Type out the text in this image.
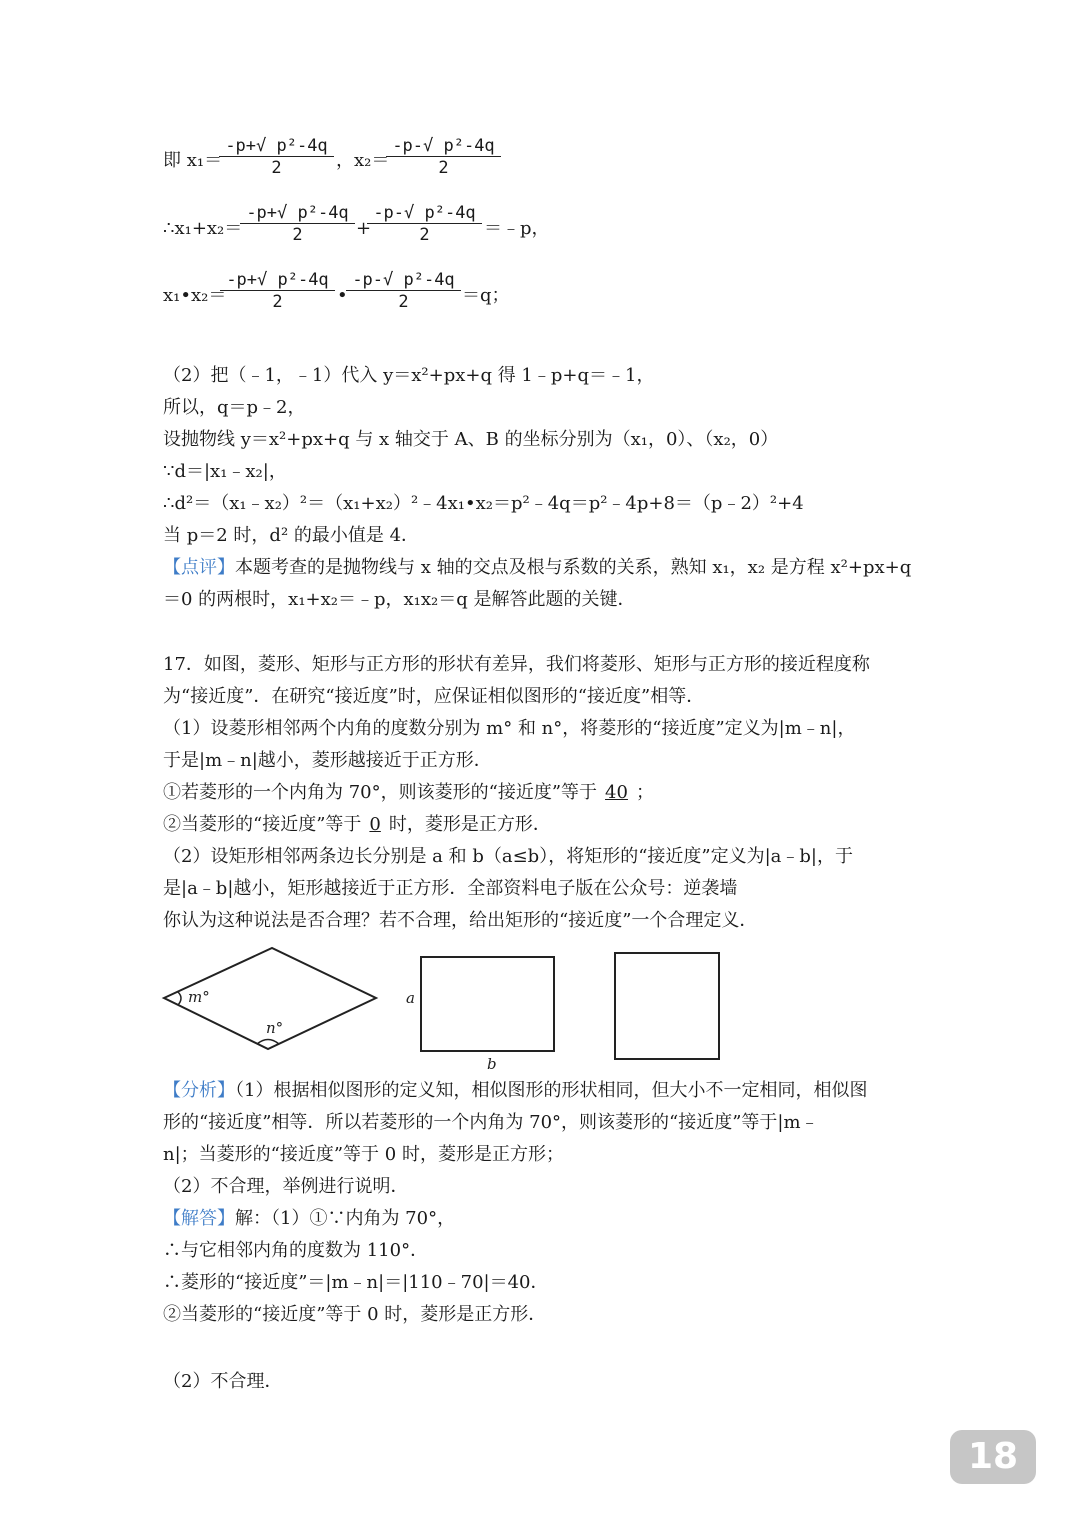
即 x₁＝
$\frac{\text{-p+√ p²-4q}}{2}$ ，x₂＝
$\frac{\text{-p-√ p²-4q}}{2}$
∴x₁+x₂＝
$\frac{\text{-p+√ p²-4q}}{2}$ +
$\frac{\text{-p-√ p²-4q}}{2}$ ＝﹣p，
x₁•x₂＝
$\frac{\text{-p+√ p²-4q}}{2}$ •
$\frac{\text{-p-√ p²-4q}}{2} =q$；
（2）把（﹣1，﹣1）代入 y＝x²+px+q 得 1﹣p+q＝﹣1，
所以，q＝p﹣2，
设抛物线 y＝x²+px+q 与 x 轴交于 A、B 的坐标分别为（x₁，0）、（x₂，0）
∵d＝|x₁﹣x₂|，
∴d²＝（x₁﹣x₂）²＝（x₁+x₂）²﹣4x₁•x₂＝p²﹣4q＝p²﹣4p+8＝（p﹣2）²+4
当 p＝2 时，d² 的最小值是 4．
【点评】本题考查的是抛物线与 x 轴的交点及根与系数的关系，熟知 x₁，x₂ 是方程 x²+px+q
＝0 的两根时，x₁+x₂＝﹣p，x₁x₂＝q 是解答此题的关键．
17．如图，菱形、矩形与正方形的形状有差异，我们将菱形、矩形与正方形的接近程度称
为“接近度”．在研究“接近度”时，应保证相似图形的“接近度”相等．
（1）设菱形相邻两个内角的度数分别为 m° 和 n°，将菱形的“接近度”定义为|m﹣n|，
于是|m﹣n|越小，菱形越接近于正方形．
①若菱形的一个内角为 70°，则该菱形的“接近度”等于 40 ；
②当菱形的“接近度”等于 0 时，菱形是正方形．
（2）设矩形相邻两条边长分别是 a 和 b（a≤b），将矩形的“接近度”定义为|a﹣b|，于
是|a﹣b|越小，矩形越接近于正方形．全部资料电子版在公众号：逆袭墙
你认为这种说法是否合理？若不合理，给出矩形的“接近度”一个合理定义．
m°
n°
a
b
【分析】（1）根据相似图形的定义知，相似图形的形状相同，但大小不一定相同，相似图
形的“接近度”相等．所以若菱形的一个内角为 70°，则该菱形的“接近度”等于|m﹣
n|；当菱形的“接近度”等于 0 时，菱形是正方形；
（2）不合理，举例进行说明．
【解答】解：（1）①∵内角为 70°，
∴与它相邻内角的度数为 110°．
∴菱形的“接近度”＝|m﹣n|＝|110﹣70|＝40．
②当菱形的“接近度”等于 0 时，菱形是正方形．
（2）不合理．
18
